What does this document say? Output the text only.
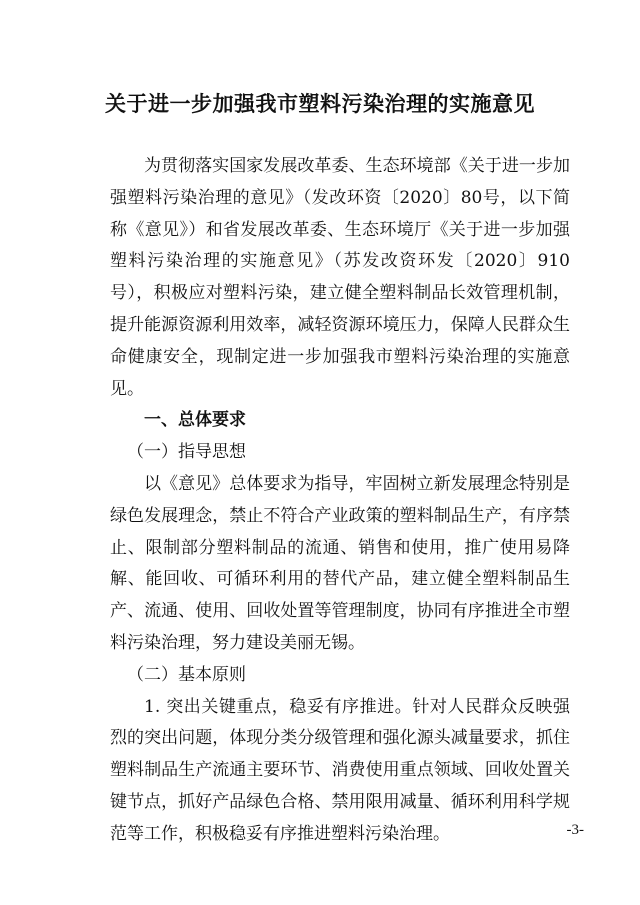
关于进一步加强我市塑料污染治理的实施意见

为贯彻落实国家发展改革委、生态环境部《关于进一步加强塑料污染治理的意见》（发改环资〔2020〕80号，以下简称《意见》）和省发展改革委、生态环境厅《关于进一步加强塑料污染治理的实施意见》（苏发改资环发〔2020〕910号），积极应对塑料污染，建立健全塑料制品长效管理机制，提升能源资源利用效率，减轻资源环境压力，保障人民群众生命健康安全，现制定进一步加强我市塑料污染治理的实施意见。

一、总体要求

（一）指导思想

以《意见》总体要求为指导，牢固树立新发展理念特别是绿色发展理念，禁止不符合产业政策的塑料制品生产，有序禁止、限制部分塑料制品的流通、销售和使用，推广使用易降解、能回收、可循环利用的替代产品，建立健全塑料制品生产、流通、使用、回收处置等管理制度，协同有序推进全市塑料污染治理，努力建设美丽无锡。

（二）基本原则

1. 突出关键重点，稳妥有序推进。针对人民群众反映强烈的突出问题，体现分类分级管理和强化源头减量要求，抓住塑料制品生产流通主要环节、消费使用重点领域、回收处置关键节点，抓好产品绿色合格、禁用限用减量、循环利用科学规范等工作，积极稳妥有序推进塑料污染治理。	-3-
